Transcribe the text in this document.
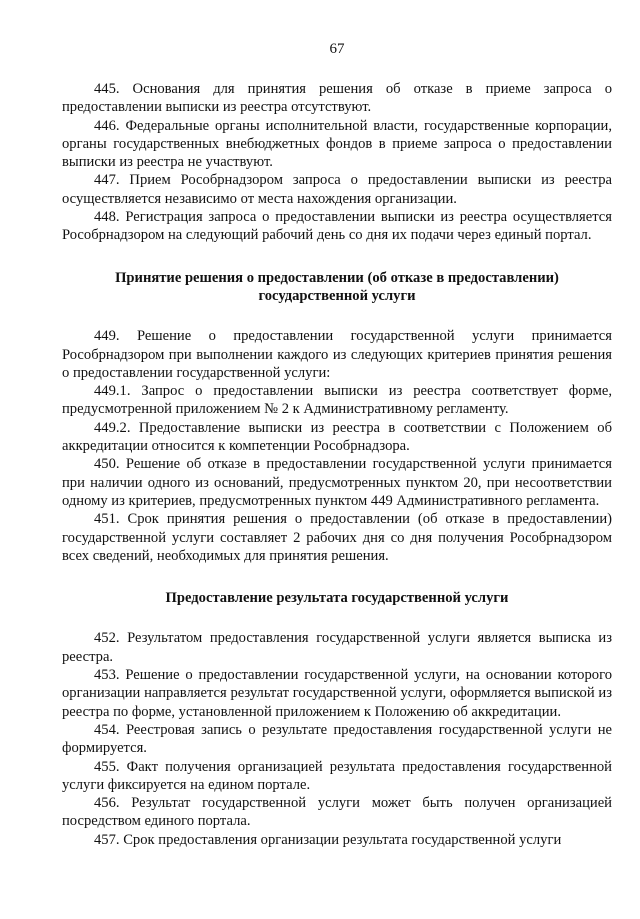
67

445. Основания для принятия решения об отказе в приеме запроса о предоставлении выписки из реестра отсутствуют.

446. Федеральные органы исполнительной власти, государственные корпорации, органы государственных внебюджетных фондов в приеме запроса о предоставлении выписки из реестра не участвуют.

447. Прием Рособрнадзором запроса о предоставлении выписки из реестра осуществляется независимо от места нахождения организации.

448. Регистрация запроса о предоставлении выписки из реестра осуществляется Рособрнадзором на следующий рабочий день со дня их подачи через единый портал.

Принятие решения о предоставлении (об отказе в предоставлении) государственной услуги

449. Решение о предоставлении государственной услуги принимается Рособрнадзором при выполнении каждого из следующих критериев принятия решения о предоставлении государственной услуги:

449.1. Запрос о предоставлении выписки из реестра соответствует форме, предусмотренной приложением № 2 к Административному регламенту.

449.2. Предоставление выписки из реестра в соответствии с Положением об аккредитации относится к компетенции Рособрнадзора.

450. Решение об отказе в предоставлении государственной услуги принимается при наличии одного из оснований, предусмотренных пунктом 20, при несоответствии одному из критериев, предусмотренных пунктом 449 Административного регламента.

451. Срок принятия решения о предоставлении (об отказе в предоставлении) государственной услуги составляет 2 рабочих дня со дня получения Рособрнадзором всех сведений, необходимых для принятия решения.

Предоставление результата государственной услуги

452. Результатом предоставления государственной услуги является выписка из реестра.

453. Решение о предоставлении государственной услуги, на основании которого организации направляется результат государственной услуги, оформляется выпиской из реестра по форме, установленной приложением к Положению об аккредитации.

454. Реестровая запись о результате предоставления государственной услуги не формируется.

455. Факт получения организацией результата предоставления государственной услуги фиксируется на едином портале.

456. Результат государственной услуги может быть получен организацией посредством единого портала.

457. Срок предоставления организации результата государственной услуги
